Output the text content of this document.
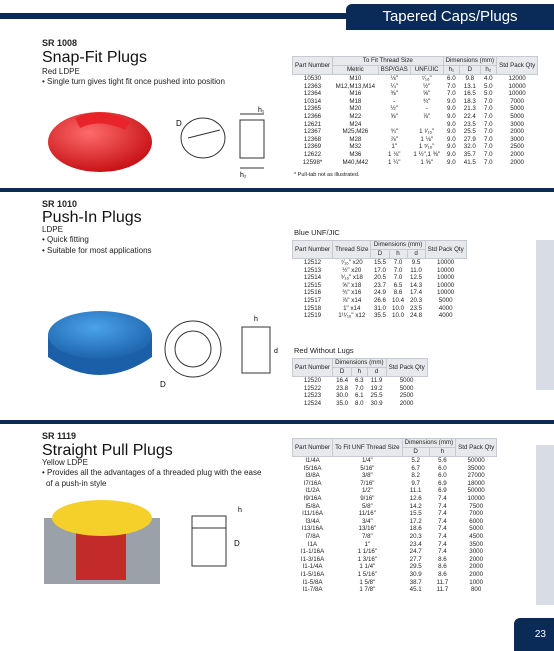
Tapered Caps/Plugs
SR 1008
Snap-Fit Plugs
Red LDPE
• Single turn gives tight fit once pushed into position
D
h₁
h₂
Part Number	To Fit Thread Size			Dimensions (mm)			Std Pack Qty
	Metric	BSP/GAS	UNF/JIC	h₁	D	h₂	
10530	M10	⅛"	⁷⁄₁₆"	6.0	9.8	4.0	12000
12363	M12,M13,M14	¼"	½"	7.0	13.1	5.0	10000
12364	M16	⅜"	⅝"	7.0	16.5	5.0	10000
10314	M18	-	¾"	9.0	18.3	7.0	7000
12365	M20	½"	-	9.0	21.3	7.0	5000
12366	M22	⅝"	⅞"	9.0	22.4	7.0	5000
12621	M24			9.0	23.5	7.0	3000
12367	M25,M26	¾"	1 ¹⁄₁₆"	9.0	25.5	7.0	2000
12368	M28	⅞"	1 ⅛"	9.0	27.9	7.0	3000
12369	M32	1"	1 ⁵⁄₁₆"	9.0	32.0	7.0	2500
12622	M36	1 ⅛"	1 ½",1 ⅜"	9.0	35.7	7.0	2000
12598*	M40,M42	1 ¼"	1 ⅝"	9.0	41.5	7.0	2000
* Pull-tab not as illustrated.
SR 1010
Push-In Plugs
LDPE
• Quick fitting
• Suitable for most applications
D
h
d
Blue UNF/JIC
Part Number	Thread Size	Dimensions (mm)			Std Pack Qty
		D	h	d	
12512	⁷⁄₁₆" x20	15.5	7.0	9.5	10000
12513	½" x20	17.0	7.0	11.0	10000
12514	⁹⁄₁₆" x18	20.5	7.0	12.5	10000
12515	⅝" x18	23.7	6.5	14.3	10000
12516	¾" x16	24.9	8.6	17.4	10000
12517	⅞" x14	26.6	10.4	20.3	5000
12518	1" x14	31.0	10.0	23.5	4000
12519	1¹¹⁄₁₆" x12	35.5	10.0	24.8	4000
Red Without Lugs
Part Number	Dimensions (mm)			Std Pack Qty
	D	h	d	
12520	16.4	6.3	11.9	5000
12522	23.8	7.0	19.2	5000
12523	30.0	6.1	25.5	2500
12524	35.0	8.0	30.9	2000
SR 1119
Straight Pull Plugs
Yellow LDPE
• Provides all the advantages of a threaded plug with the ease
of a push-in style
h
D
Part Number	To Fit UNF Thread Size	Dimensions (mm)		Std Pack Qty
		D	h	
I1/4A	1/4"	5.2	5.6	50000
I5/16A	5/16"	6.7	6.0	35000
I3/8A	3/8"	8.2	6.0	27000
I7/16A	7/16"	9.7	6.9	18000
I1/2A	1/2"	11.1	6.9	50000
I9/16A	9/16"	12.6	7.4	10000
I5/8A	5/8"	14.2	7.4	7500
I11/16A	11/16"	15.5	7.4	7000
I3/4A	3/4"	17.2	7.4	6000
I13/16A	13/16"	18.6	7.4	5000
I7/8A	7/8"	20.3	7.4	4500
I1A	1"	23.4	7.4	3500
I1-1/16A	1 1/16"	24.7	7.4	3000
I1-3/16A	1 3/16"	27.7	8.6	2000
I1-1/4A	1 1/4"	29.5	8.6	2000
I1-5/16A	1 5/16"	30.9	8.6	2000
I1-5/8A	1 5/8"	38.7	11.7	1000
I1-7/8A	1 7/8"	45.1	11.7	800
23
